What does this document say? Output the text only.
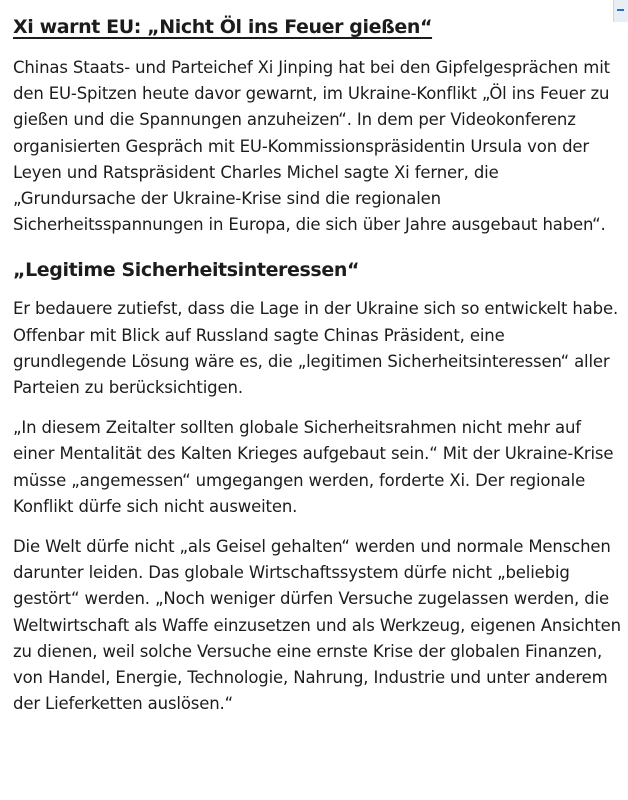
Xi warnt EU: „Nicht Öl ins Feuer gießen“

Chinas Staats- und Parteichef Xi Jinping hat bei den Gipfelgesprächen mit den EU-Spitzen heute davor gewarnt, im Ukraine-Konflikt „Öl ins Feuer zu gießen und die Spannungen anzuheizen“. In dem per Videokonferenz organisierten Gespräch mit EU-Kommissionspräsidentin Ursula von der Leyen und Ratspräsident Charles Michel sagte Xi ferner, die „Grundursache der Ukraine-Krise sind die regionalen Sicherheitsspannungen in Europa, die sich über Jahre ausgebaut haben“.

„Legitime Sicherheitsinteressen“

Er bedauere zutiefst, dass die Lage in der Ukraine sich so entwickelt habe. Offenbar mit Blick auf Russland sagte Chinas Präsident, eine grundlegende Lösung wäre es, die „legitimen Sicherheitsinteressen“ aller Parteien zu berücksichtigen.

„In diesem Zeitalter sollten globale Sicherheitsrahmen nicht mehr auf einer Mentalität des Kalten Krieges aufgebaut sein.“ Mit der Ukraine-Krise müsse „angemessen“ umgegangen werden, forderte Xi. Der regionale Konflikt dürfe sich nicht ausweiten.

Die Welt dürfe nicht „als Geisel gehalten“ werden und normale Menschen darunter leiden. Das globale Wirtschaftssystem dürfe nicht „beliebig gestört“ werden. „Noch weniger dürfen Versuche zugelassen werden, die Weltwirtschaft als Waffe einzusetzen und als Werkzeug, eigenen Ansichten zu dienen, weil solche Versuche eine ernste Krise der globalen Finanzen, von Handel, Energie, Technologie, Nahrung, Industrie und unter anderem der Lieferketten auslösen.“
